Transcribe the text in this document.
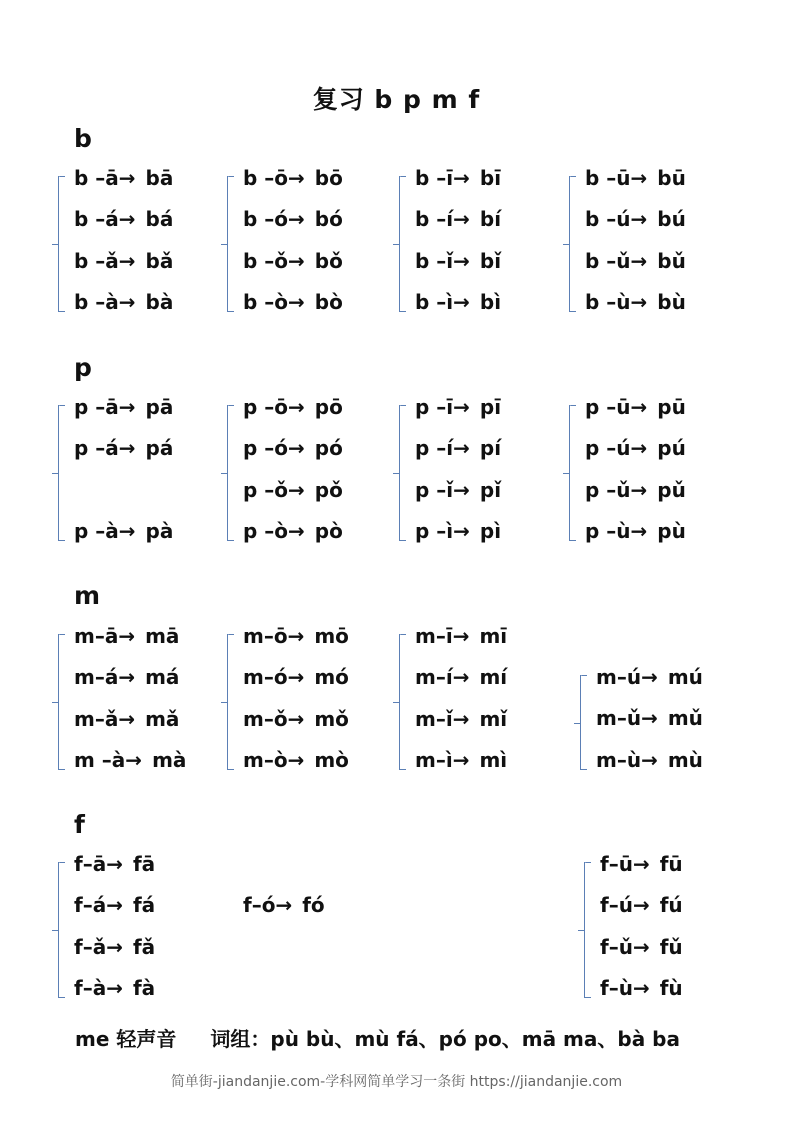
复习 b p m f
b
b –ā→ bā
b –á→ bá
b –ǎ→ bǎ
b –à→ bà
b –ō→ bō
b –ó→ bó
b –ǒ→ bǒ
b –ò→ bò
b –ī→ bī
b –í→ bí
b –ǐ→ bǐ
b –ì→ bì
b –ū→ bū
b –ú→ bú
b –ǔ→ bǔ
b –ù→ bù
p
p –ā→ pā
p –á→ pá
p –à→ pà
p –ō→ pō
p –ó→ pó
p –ǒ→ pǒ
p –ò→ pò
p –ī→ pī
p –í→ pí
p –ǐ→ pǐ
p –ì→ pì
p –ū→ pū
p –ú→ pú
p –ǔ→ pǔ
p –ù→ pù
m
m–ā→ mā
m–á→ má
m–ǎ→ mǎ
m –à→ mà
m–ō→ mō
m–ó→ mó
m–ǒ→ mǒ
m–ò→ mò
m–ī→ mī
m–í→ mí
m–ǐ→ mǐ
m–ì→ mì
m–ú→ mú
m–ǔ→ mǔ
m–ù→ mù
f
f–ā→ fā
f–á→ fá
f–ǎ→ fǎ
f–à→ fà
f–ó→ fó
f–ū→ fū
f–ú→ fú
f–ǔ→ fǔ
f–ù→ fù
me 轻声音 词组：pù bù、mù fá、pó po、mā ma、bà ba
简单街-jiandanjie.com-学科网简单学习一条街 https://jiandanjie.com
